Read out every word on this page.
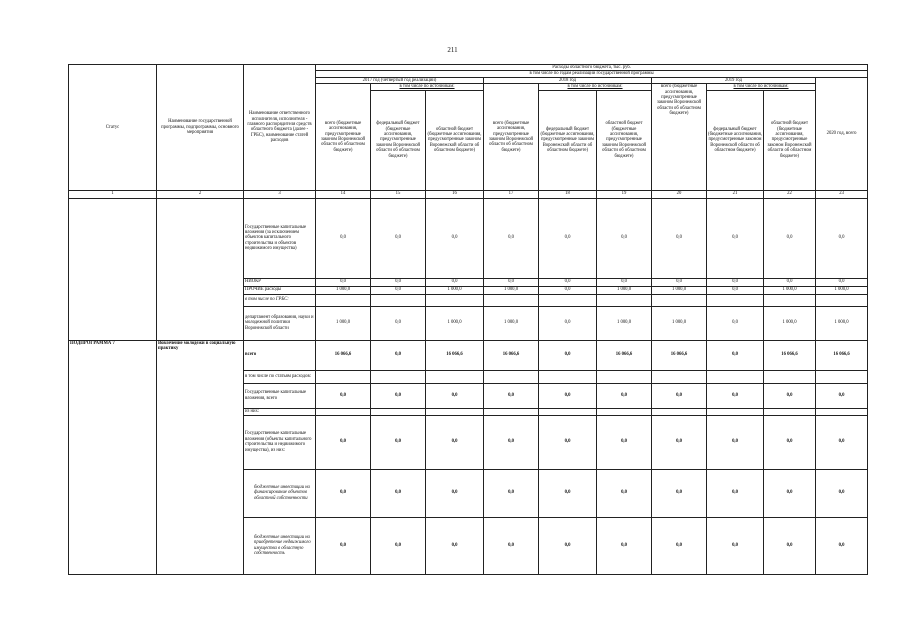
211
Статус	Наименование государственной программы, подпрограммы, основного мероприятия	Наименование ответственного исполнителя, исполнителя - главного распорядителя средств областного бюджета (далее - ГРБС), наименование статей расходов	Расходы областного бюджета, тыс. руб.									
			в том числе по годам реализации государственной программы									
			2017 год (четвертый год реализации)			2018 год			2019 год			2020 год, всего
			всего (бюджетные ассигнования, предусмотренные законом Воронежской области об областном бюджете)	в том числе по источникам:		всего (бюджетные ассигнования, предусмотренные законом Воронежской области об областном бюджете)	в том числе по источникам:		всего (бюджетные ассигнования, предусмотренные законом Воронежской области об областном бюджете)	в том числе по источникам:		
				федеральный бюджет (бюджетные ассигнования, предусмотренные законом Воронежской области об областном бюджете)	областной бюджет (бюджетные ассигнования, предусмотренные законом Воронежской области об областном бюджете)		федеральный бюджет (бюджетные ассигнования, предусмотренные законом Воронежской области об областном бюджете)	областной бюджет (бюджетные ассигнования, предусмотренные законом Воронежской области об областном бюджете)		федеральный бюджет (бюджетные ассигнования, предусмотренные законом Воронежской области об областном бюджете)	областной бюджет (бюджетные ассигнования, предусмотренные законом Воронежской области об областном бюджете)	
1	2	3	14	15	16	17	18	19	20	21	22	23
		Государственные капитальные вложения (за исключением объектов капитального строительства и объектов недвижимого имущества)	0,0	0,0	0,0	0,0	0,0	0,0	0,0	0,0	0,0	0,0
		НИОКР	0,0	0,0	0,0	0,0	0,0	0,0	0,0	0,0	0,0	0,0
		ПРОЧИЕ расходы	1 000,0	0,0	1 000,0	1 000,0	0,0	1 000,0	1 000,0	0,0	1 000,0	1 000,0
		в том числе по ГРБС:										
		департамент образования, науки и молодежной политики Воронежской области	1 000,0	0,0	1 000,0	1 000,0	0,0	1 000,0	1 000,0	0,0	1 000,0	1 000,0
ПОДПРОГРАММА 7	Вовлечение молодежи в социальную практику	всего	16 066,6	0,0	16 066,6	16 066,6	0,0	16 066,6	16 066,6	0,0	16 066,6	16 066,6
		в том числе по статьям расходов:										
		Государственные капитальные вложения, всего	0,0	0,0	0,0	0,0	0,0	0,0	0,0	0,0	0,0	0,0
		из них:										
		Государственные капитальные вложения (объекты капитального строительства и недвижимого имущества), из них:	0,0	0,0	0,0	0,0	0,0	0,0	0,0	0,0	0,0	0,0
		бюджетные инвестиции на финансирование объектов областной собственности	0,0	0,0	0,0	0,0	0,0	0,0	0,0	0,0	0,0	0,0
		бюджетные инвестиции на приобретение недвижимого имущества в областную собственность	0,0	0,0	0,0	0,0	0,0	0,0	0,0	0,0	0,0	0,0
